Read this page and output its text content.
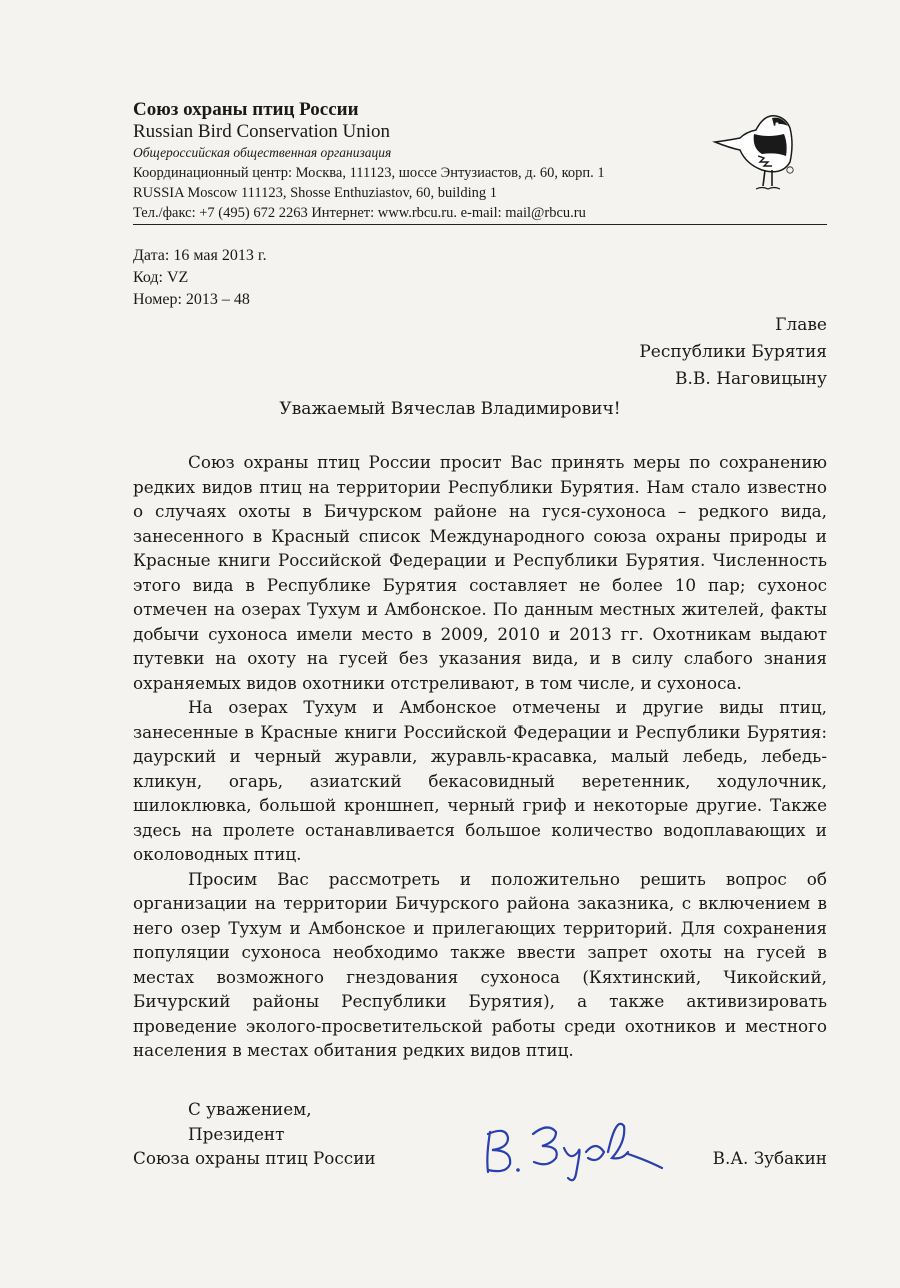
Союз охраны птиц России
Russian Bird Conservation Union
Общероссийская общественная организация
Координационный центр: Москва, 111123, шоссе Энтузиастов, д. 60, корп. 1
RUSSIA Moscow 111123, Shosse Enthuziastov, 60, building 1
Тел./факс: +7 (495) 672 2263 Интернет: www.rbcu.ru. e-mail: mail@rbcu.ru
Дата: 16 мая 2013 г.
Код: VZ
Номер: 2013 – 48
Главе
Республики Бурятия
В.В. Наговицыну
Уважаемый Вячеслав Владимирович!

Союз охраны птиц России просит Вас принять меры по сохранению редких видов птиц на территории Республики Бурятия. Нам стало известно о случаях охоты в Бичурском районе на гуся-сухоноса – редкого вида, занесенного в Красный список Международного союза охраны природы и Красные книги Российской Федерации и Республики Бурятия. Численность этого вида в Республике Бурятия составляет не более 10 пар; сухонос отмечен на озерах Тухум и Амбонское. По данным местных жителей, факты добычи сухоноса имели место в 2009, 2010 и 2013 гг. Охотникам выдают путевки на охоту на гусей без указания вида, и в силу слабого знания охраняемых видов охотники отстреливают, в том числе, и сухоноса.

На озерах Тухум и Амбонское отмечены и другие виды птиц, занесенные в Красные книги Российской Федерации и Республики Бурятия: даурский и черный журавли, журавль-красавка, малый лебедь, лебедь-кликун, огарь, азиатский бекасовидный веретенник, ходулочник, шилоклювка, большой кроншнеп, черный гриф и некоторые другие. Также здесь на пролете останавливается большое количество водоплавающих и околоводных птиц.

Просим Вас рассмотреть и положительно решить вопрос об организации на территории Бичурского района заказника, с включением в него озер Тухум и Амбонское и прилегающих территорий. Для сохранения популяции сухоноса необходимо также ввести запрет охоты на гусей в местах возможного гнездования сухоноса (Кяхтинский, Чикойский, Бичурский районы Республики Бурятия), а также активизировать проведение эколого-просветительской работы среди охотников и местного населения в местах обитания редких видов птиц.

С уважением,
Президент
Союза охраны птиц России	В.А. Зубакин
